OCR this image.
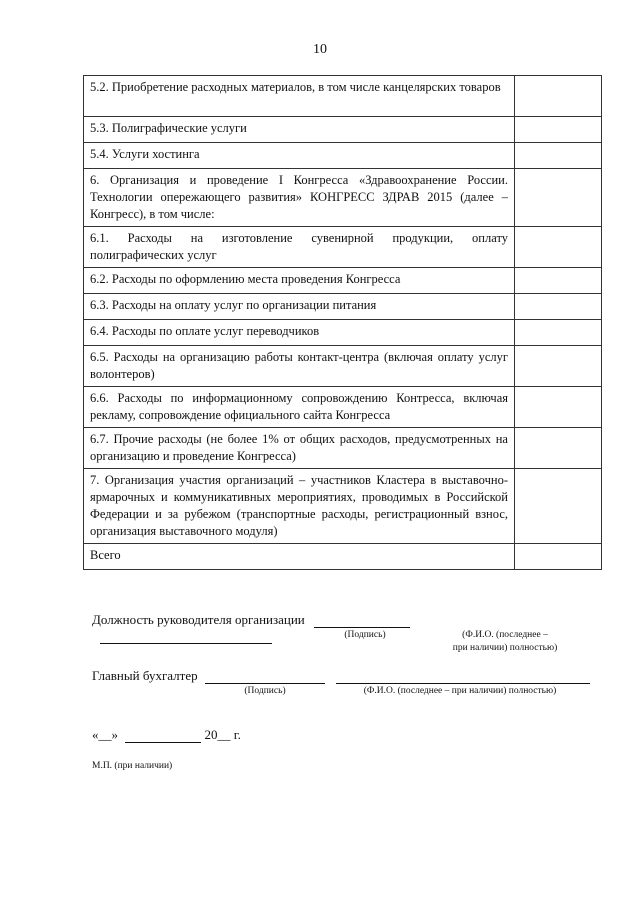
10
5.2. Приобретение расходных материалов, в том числе канцелярских товаров	
5.3. Полиграфические услуги	
5.4. Услуги хостинга	
6. Организация и проведение I Конгресса «Здравоохранение России. Технологии опережающего развития» КОНГРЕСС ЗДРАВ 2015 (далее – Конгресс), в том числе:	
6.1. Расходы на изготовление сувенирной продукции, оплату полиграфических услуг	
6.2. Расходы по оформлению места проведения Конгресса	
6.3. Расходы на оплату услуг по организации питания	
6.4. Расходы по оплате услуг переводчиков	
6.5. Расходы на организацию работы контакт-центра (включая оплату услуг волонтеров)	
6.6. Расходы по информационному сопровождению Контресса, включая рекламу, сопровождение официального сайта Конгресса	
6.7. Прочие расходы (не более 1% от общих расходов, предусмотренных на организацию и проведение Конгресса)	
7. Организация участия организаций – участников Кластера в выставочно-ярмарочных и коммуникативных мероприятиях, проводимых в Российской Федерации и за рубежом (транспортные расходы, регистрационный взнос, организация выставочного модуля)	
Всего	
Должность руководителя организации
(Подпись)	(Ф.И.О. (последнее –
при наличии) полностью)
Главный бухгалтер
(Подпись)	(Ф.И.О. (последнее – при наличии) полностью)
«__»	20__ г.
М.П. (при наличии)
